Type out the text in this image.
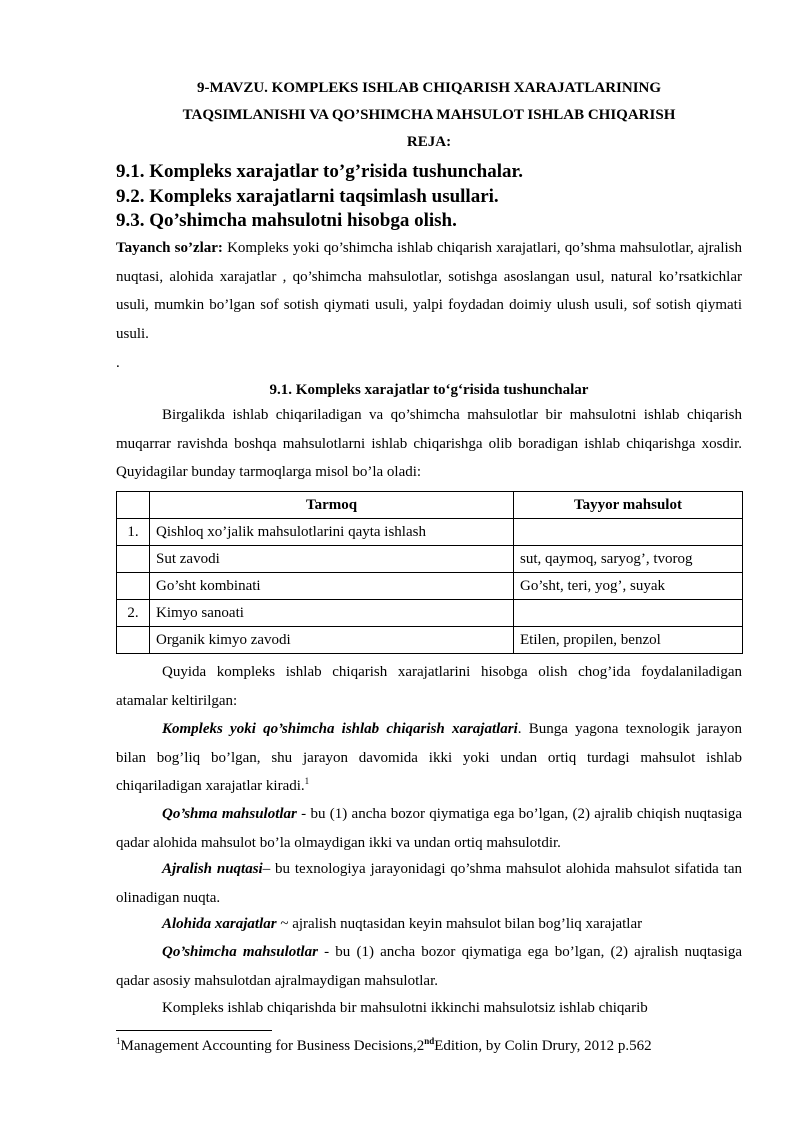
9-MAVZU. KOMPLEKS ISHLAB CHIQARISH XARAJATLARINING
TAQSIMLANISHI VA QO’SHIMCHA MAHSULOT ISHLAB CHIQARISH
REJA:
9.1. Kompleks xarajatlar to’g’risida tushunchalar.
9.2. Kompleks xarajatlarni taqsimlash usullari.
9.3. Qo’shimcha mahsulotni hisobga olish.
Tayanch so’zlar: Kompleks yoki qo’shimcha ishlab chiqarish xarajatlari, qo’shma mahsulotlar, ajralish nuqtasi, alohida xarajatlar , qo’shimcha mahsulotlar, sotishga asoslangan usul, natural ko’rsatkichlar usuli, mumkin bo’lgan sof sotish qiymati usuli, yalpi foydadan doimiy ulush usuli, sof sotish qiymati usuli.
.
9.1. Kompleks xarajatlar to‘g‘risida tushunchalar
Birgalikda ishlab chiqariladigan va qo’shimcha mahsulotlar bir mahsulotni ishlab chiqarish muqarrar ravishda boshqa mahsulotlarni ishlab chiqarishga olib boradigan ishlab chiqarishga xosdir. Quyidagilar bunday tarmoqlarga misol bo’la oladi:
	Tarmoq	Tayyor mahsulot
1.	Qishloq xo’jalik mahsulotlarini qayta ishlash	
	Sut zavodi	sut, qaymoq, saryog’, tvorog
	Go’sht kombinati	Go’sht, teri, yog’, suyak
2.	Kimyo sanoati	
	Organik kimyo zavodi	Etilen, propilen, benzol
Quyida kompleks ishlab chiqarish xarajatlarini hisobga olish chog’ida foydalaniladigan atamalar keltirilgan:
Kompleks yoki qo’shimcha ishlab chiqarish xarajatlari. Bunga yagona texnologik jarayon bilan bog’liq bo’lgan, shu jarayon davomida ikki yoki undan ortiq turdagi mahsulot ishlab chiqariladigan xarajatlar kiradi.$^1$
Qo’shma mahsulotlar - bu (1) ancha bozor qiymatiga ega bo’lgan, (2) ajralib chiqish nuqtasiga qadar alohida mahsulot bo’la olmaydigan ikki va undan ortiq mahsulotdir.
Ajralish nuqtasi– bu texnologiya jarayonidagi qo’shma mahsulot alohida mahsulot sifatida tan olinadigan nuqta.
Alohida xarajatlar ~ ajralish nuqtasidan keyin mahsulot bilan bog’liq xarajatlar
Qo’shimcha mahsulotlar - bu (1) ancha bozor qiymatiga ega bo’lgan, (2) ajralish nuqtasiga qadar asosiy mahsulotdan ajralmaydigan mahsulotlar.
Kompleks ishlab chiqarishda bir mahsulotni ikkinchi mahsulotsiz ishlab chiqarib
$^1$Management Accounting for Business Decisions,2ndEdition, by Colin Drury, 2012 p.562
